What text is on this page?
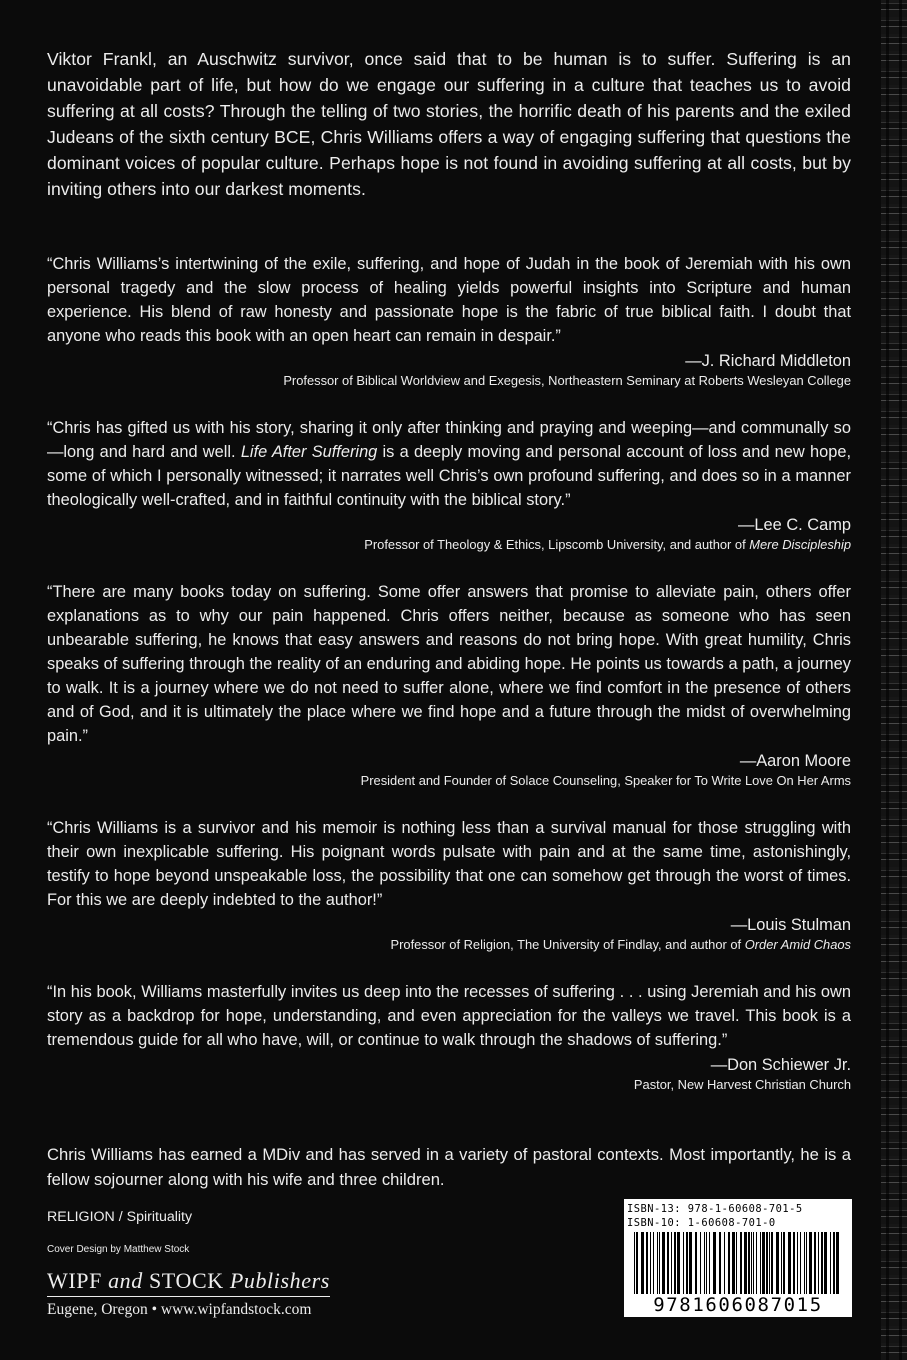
Viktor Frankl, an Auschwitz survivor, once said that to be human is to suffer. Suffering is an unavoidable part of life, but how do we engage our suffering in a culture that teaches us to avoid suffering at all costs? Through the telling of two stories, the horrific death of his parents and the exiled Judeans of the sixth century BCE, Chris Williams offers a way of engaging suffering that questions the dominant voices of popular culture. Perhaps hope is not found in avoiding suffering at all costs, but by inviting others into our darkest moments.

“Chris Williams’s intertwining of the exile, suffering, and hope of Judah in the book of Jeremiah with his own personal tragedy and the slow process of healing yields powerful insights into Scripture and human experience. His blend of raw honesty and passionate hope is the fabric of true biblical faith. I doubt that anyone who reads this book with an open heart can remain in despair.”

—J. Richard Middleton
Professor of Biblical Worldview and Exegesis, Northeastern Seminary at Roberts Wesleyan College

“Chris has gifted us with his story, sharing it only after thinking and praying and weeping—and communally so—long and hard and well. Life After Suffering is a deeply moving and personal account of loss and new hope, some of which I personally witnessed; it narrates well Chris’s own profound suffering, and does so in a manner theologically well-crafted, and in faithful continuity with the biblical story.”

—Lee C. Camp
Professor of Theology & Ethics, Lipscomb University, and author of Mere Discipleship

“There are many books today on suffering. Some offer answers that promise to alleviate pain, others offer explanations as to why our pain happened. Chris offers neither, because as someone who has seen unbearable suffering, he knows that easy answers and reasons do not bring hope. With great humility, Chris speaks of suffering through the reality of an enduring and abiding hope. He points us towards a path, a journey to walk. It is a journey where we do not need to suffer alone, where we find comfort in the presence of others and of God, and it is ultimately the place where we find hope and a future through the midst of overwhelming pain.”

—Aaron Moore
President and Founder of Solace Counseling, Speaker for To Write Love On Her Arms

“Chris Williams is a survivor and his memoir is nothing less than a survival manual for those struggling with their own inexplicable suffering. His poignant words pulsate with pain and at the same time, astonishingly, testify to hope beyond unspeakable loss, the possibility that one can somehow get through the worst of times. For this we are deeply indebted to the author!”

—Louis Stulman
Professor of Religion, The University of Findlay, and author of Order Amid Chaos

“In his book, Williams masterfully invites us deep into the recesses of suffering . . . using Jeremiah and his own story as a backdrop for hope, understanding, and even appreciation for the valleys we travel. This book is a tremendous guide for all who have, will, or continue to walk through the shadows of suffering.”

—Don Schiewer Jr.
Pastor, New Harvest Christian Church

Chris Williams has earned a MDiv and has served in a variety of pastoral contexts. Most importantly, he is a fellow sojourner along with his wife and three children.

RELIGION / Spirituality
Cover Design by Matthew Stock
WIPF and STOCK Publishers
Eugene, Oregon • www.wipfandstock.com
ISBN-13: 978-1-60608-701-5
ISBN-10: 1-60608-701-0
9781606087015
